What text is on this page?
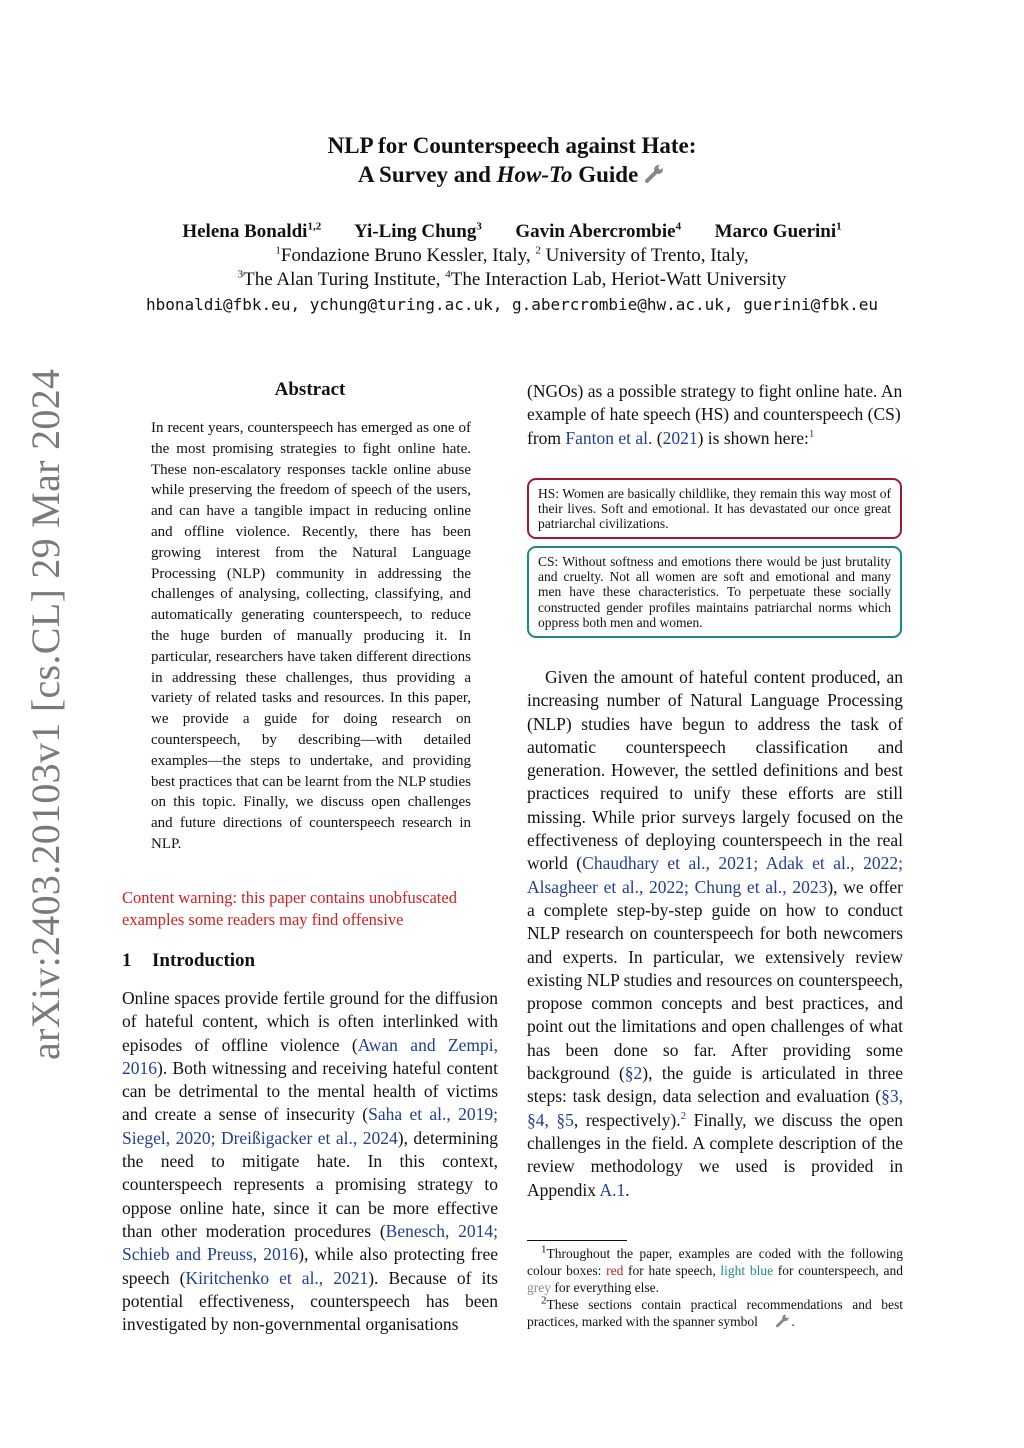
arXiv:2403.20103v1 [cs.CL] 29 Mar 2024
NLP for Counterspeech against Hate:
A Survey and How-To Guide
Helena Bonaldi$^{1,2}$ Yi-Ling Chung$^3$ Gavin Abercrombie$^4$ Marco Guerini$^1$
$^1$Fondazione Bruno Kessler, Italy, $^2$ University of Trento, Italy,
$^3$The Alan Turing Institute, $^4$The Interaction Lab, Heriot-Watt University
hbonaldi@fbk.eu, ychung@turing.ac.uk, g.abercrombie@hw.ac.uk, guerini@fbk.eu
Abstract
In recent years, counterspeech has emerged as one of the most promising strategies to fight online hate. These non-escalatory responses tackle online abuse while preserving the freedom of speech of the users, and can have a tangible impact in reducing online and offline violence. Recently, there has been growing interest from the Natural Language Processing (NLP) community in addressing the challenges of analysing, collecting, classifying, and automatically generating counterspeech, to reduce the huge burden of manually producing it. In particular, researchers have taken different directions in addressing these challenges, thus providing a variety of related tasks and resources. In this paper, we provide a guide for doing research on counterspeech, by describing—with detailed examples—the steps to undertake, and providing best practices that can be learnt from the NLP studies on this topic. Finally, we discuss open challenges and future directions of counterspeech research in NLP.
Content warning: this paper contains unobfuscated examples some readers may find offensive
1 Introduction
Online spaces provide fertile ground for the diffusion of hateful content, which is often interlinked with episodes of offline violence (Awan and Zempi, 2016). Both witnessing and receiving hateful content can be detrimental to the mental health of victims and create a sense of insecurity (Saha et al., 2019; Siegel, 2020; Dreißigacker et al., 2024), determining the need to mitigate hate. In this context, counterspeech represents a promising strategy to oppose online hate, since it can be more effective than other moderation procedures (Benesch, 2014; Schieb and Preuss, 2016), while also protecting free speech (Kiritchenko et al., 2021). Because of its potential effectiveness, counterspeech has been investigated by non-governmental organisations
(NGOs) as a possible strategy to fight online hate. An example of hate speech (HS) and counterspeech (CS) from Fanton et al. (2021) is shown here:$^1$
HS: Women are basically childlike, they remain this way most of their lives. Soft and emotional. It has devastated our once great patriarchal civilizations.
CS: Without softness and emotions there would be just brutality and cruelty. Not all women are soft and emotional and many men have these characteristics. To perpetuate these socially constructed gender profiles maintains patriarchal norms which oppress both men and women.
Given the amount of hateful content produced, an increasing number of Natural Language Processing (NLP) studies have begun to address the task of automatic counterspeech classification and generation. However, the settled definitions and best practices required to unify these efforts are still missing. While prior surveys largely focused on the effectiveness of deploying counterspeech in the real world (Chaudhary et al., 2021; Adak et al., 2022; Alsagheer et al., 2022; Chung et al., 2023), we offer a complete step-by-step guide on how to conduct NLP research on counterspeech for both newcomers and experts. In particular, we extensively review existing NLP studies and resources on counterspeech, propose common concepts and best practices, and point out the limitations and open challenges of what has been done so far. After providing some background (§2), the guide is articulated in three steps: task design, data selection and evaluation (§3, §4, §5, respectively).$^2$ Finally, we discuss the open challenges in the field. A complete description of the review methodology we used is provided in Appendix A.1.

$^1$Throughout the paper, examples are coded with the following colour boxes: red for hate speech, light blue for counterspeech, and grey for everything else.

$^2$These sections contain practical recommendations and best practices, marked with the spanner symbol .
